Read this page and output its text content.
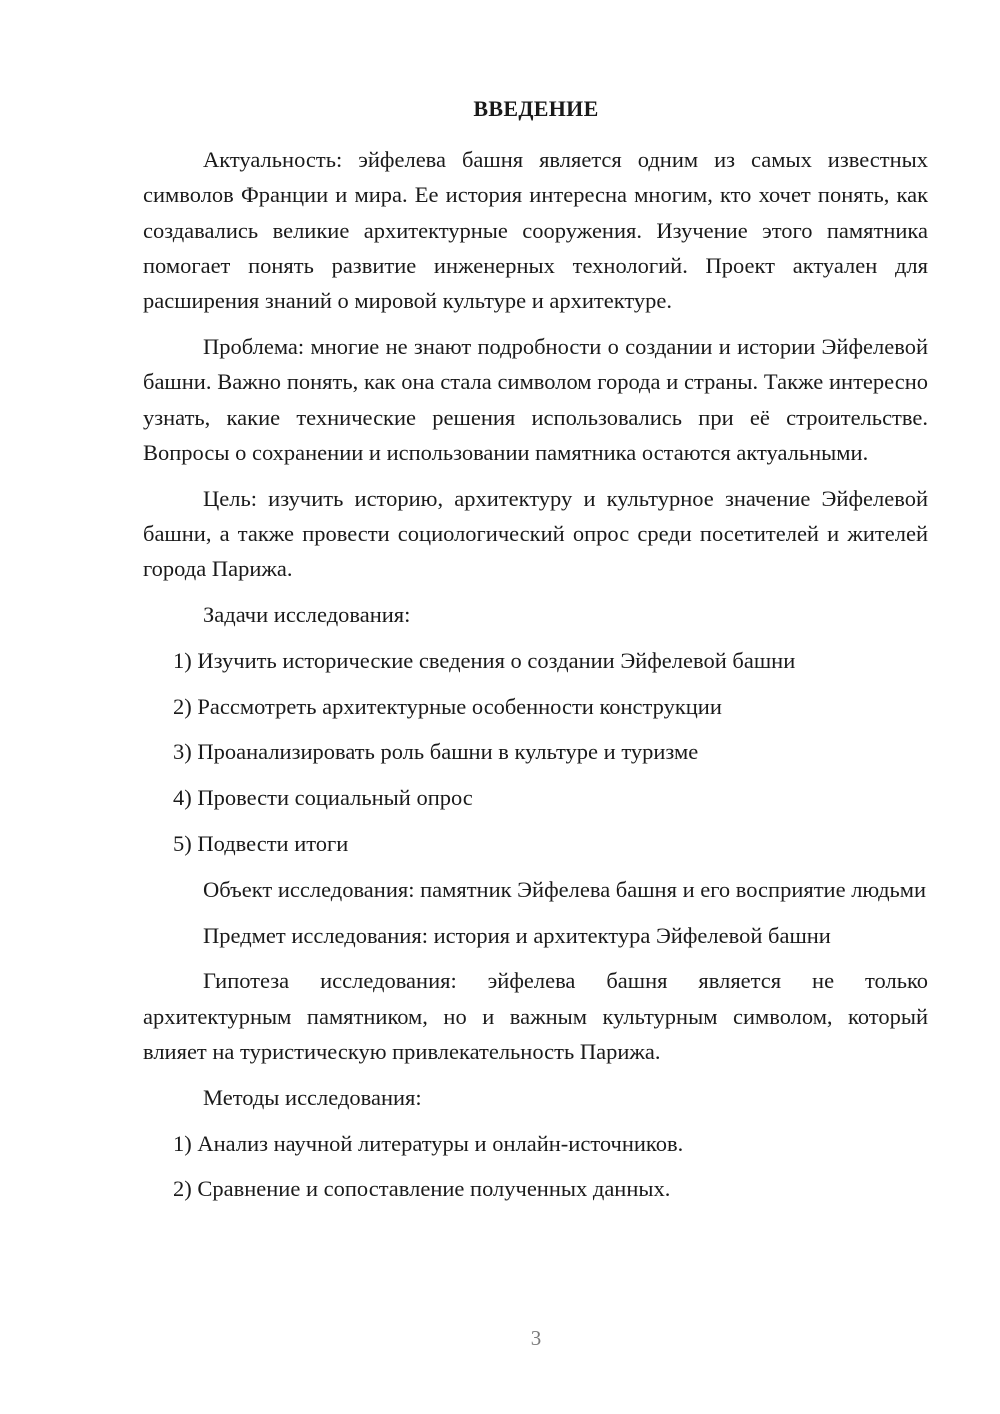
ВВЕДЕНИЕ

Актуальность: эйфелева башня является одним из самых известных символов Франции и мира. Ее история интересна многим, кто хочет понять, как создавались великие архитектурные сооружения. Изучение этого памятника помогает понять развитие инженерных технологий. Проект актуален для расширения знаний о мировой культуре и архитектуре.

Проблема: многие не знают подробности о создании и истории Эйфелевой башни. Важно понять, как она стала символом города и страны. Также интересно узнать, какие технические решения использовались при её строительстве. Вопросы о сохранении и использовании памятника остаются актуальными.

Цель: изучить историю, архитектуру и культурное значение Эйфелевой башни, а также провести социологический опрос среди посетителей и жителей города Парижа.

Задачи исследования:

1) Изучить исторические сведения о создании Эйфелевой башни

2) Рассмотреть архитектурные особенности конструкции

3) Проанализировать роль башни в культуре и туризме

4) Провести социальный опрос

5) Подвести итоги

Объект исследования: памятник Эйфелева башня и его восприятие людьми

Предмет исследования: история и архитектура Эйфелевой башни

Гипотеза исследования: эйфелева башня является не только архитектурным памятником, но и важным культурным символом, который влияет на туристическую привлекательность Парижа.

Методы исследования:

1) Анализ научной литературы и онлайн-источников.

2) Сравнение и сопоставление полученных данных.

3
